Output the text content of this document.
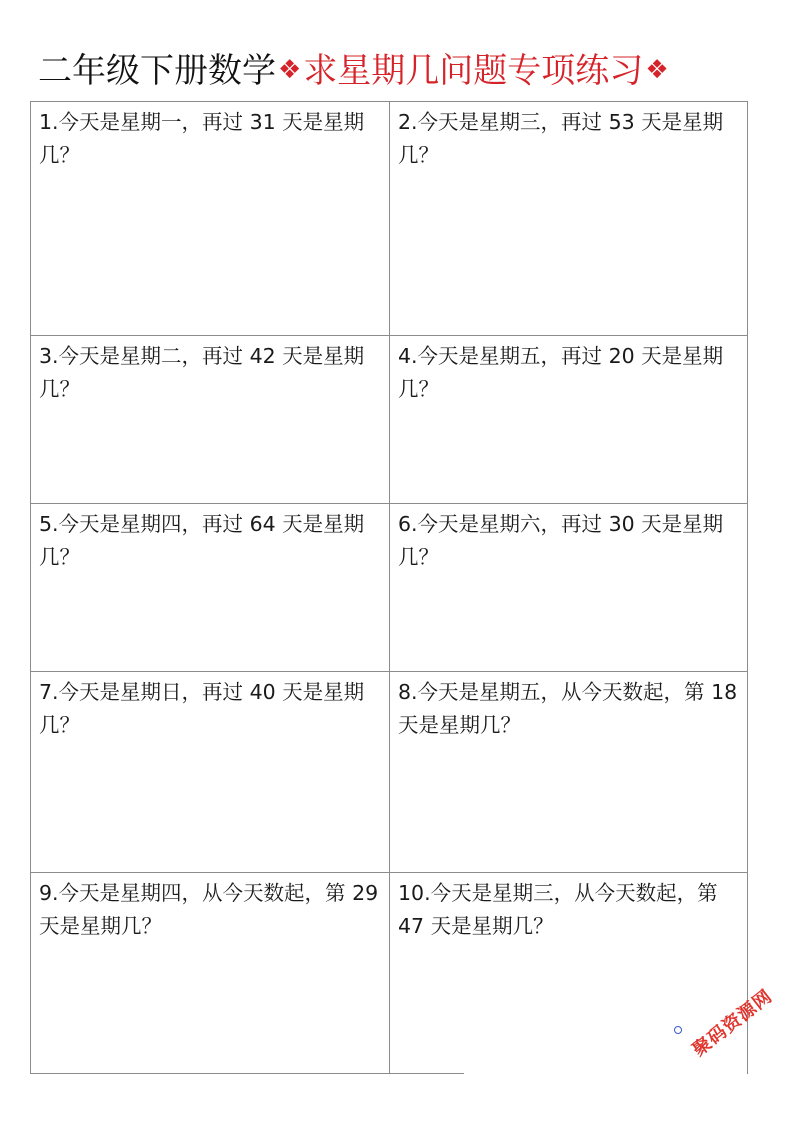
二年级下册数学 ❖ 求星期几问题专项练习 ❖
1.今天是星期一，再过 31 天是星期几？
2.今天是星期三，再过 53 天是星期几？
3.今天是星期二，再过 42 天是星期几？
4.今天是星期五，再过 20 天是星期几？
5.今天是星期四，再过 64 天是星期几？
6.今天是星期六，再过 30 天是星期几？
7.今天是星期日，再过 40 天是星期几？
8.今天是星期五，从今天数起，第 18 天是星期几？
9.今天是星期四，从今天数起，第 29 天是星期几？
10.今天是星期三，从今天数起，第 47 天是星期几？
聚码资源网
